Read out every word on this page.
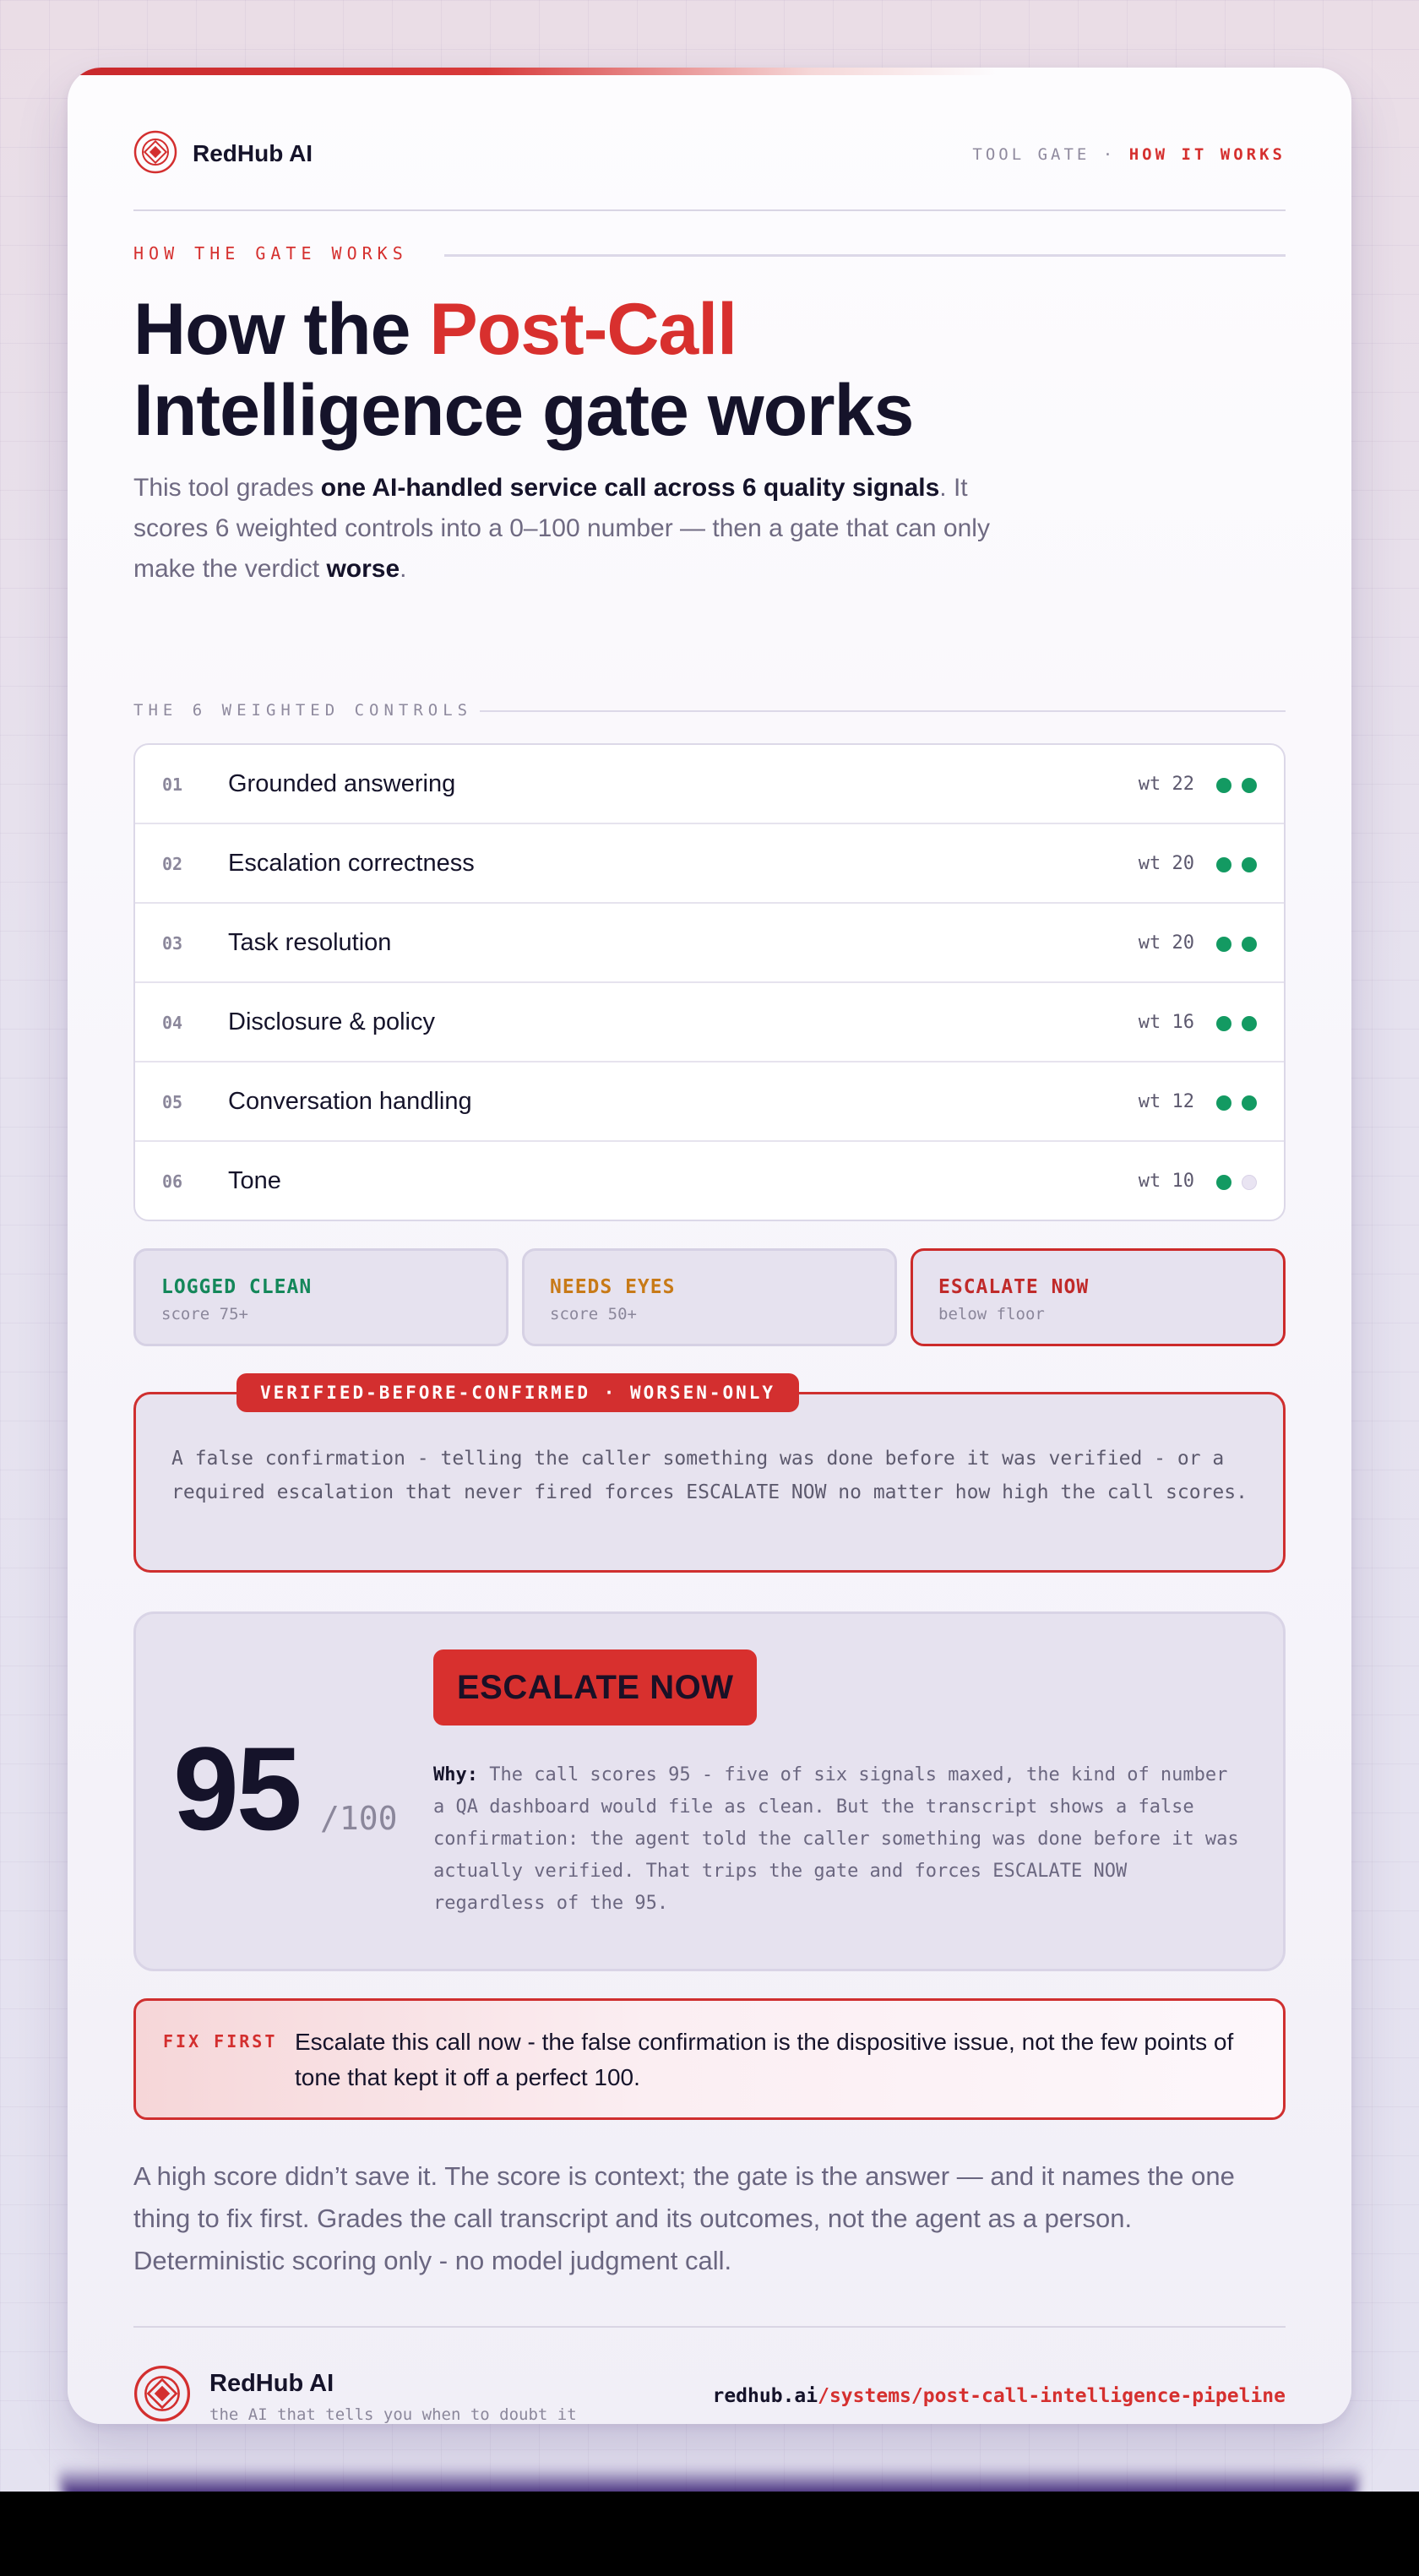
RedHub AI	TOOL GATE · HOW IT WORKS
HOW THE GATE WORKS
How the Post-Call
Intelligence gate works

This tool grades one AI-handled service call across 6 quality signals. It scores 6 weighted controls into a 0–100 number — then a gate that can only make the verdict worse.

THE 6 WEIGHTED CONTROLS
01 Grounded answering	wt 22
02 Escalation correctness	wt 20
03 Task resolution	wt 20
04 Disclosure & policy	wt 16
05 Conversation handling	wt 12
06 Tone	wt 10
LOGGED CLEAN
score 75+
NEEDS EYES
score 50+
ESCALATE NOW
below floor

A false confirmation - telling the caller something was done before it was verified - or a required escalation that never fired forces ESCALATE NOW no matter how high the call scores.

VERIFIED-BEFORE-CONFIRMED · WORSEN-ONLY
95 /100
ESCALATE NOW

Why: The call scores 95 - five of six signals maxed, the kind of number a QA dashboard would file as clean. But the transcript shows a false confirmation: the agent told the caller something was done before it was actually verified. That trips the gate and forces ESCALATE NOW regardless of the 95.

FIX FIRST Escalate this call now - the false confirmation is the dispositive issue, not the few points of tone that kept it off a perfect 100.

A high score didn’t save it. The score is context; the gate is the answer — and it names the one thing to fix first. Grades the call transcript and its outcomes, not the agent as a person. Deterministic scoring only - no model judgment call.

RedHub AI
the AI that tells you when to doubt it
redhub.ai/systems/post-call-intelligence-pipeline
